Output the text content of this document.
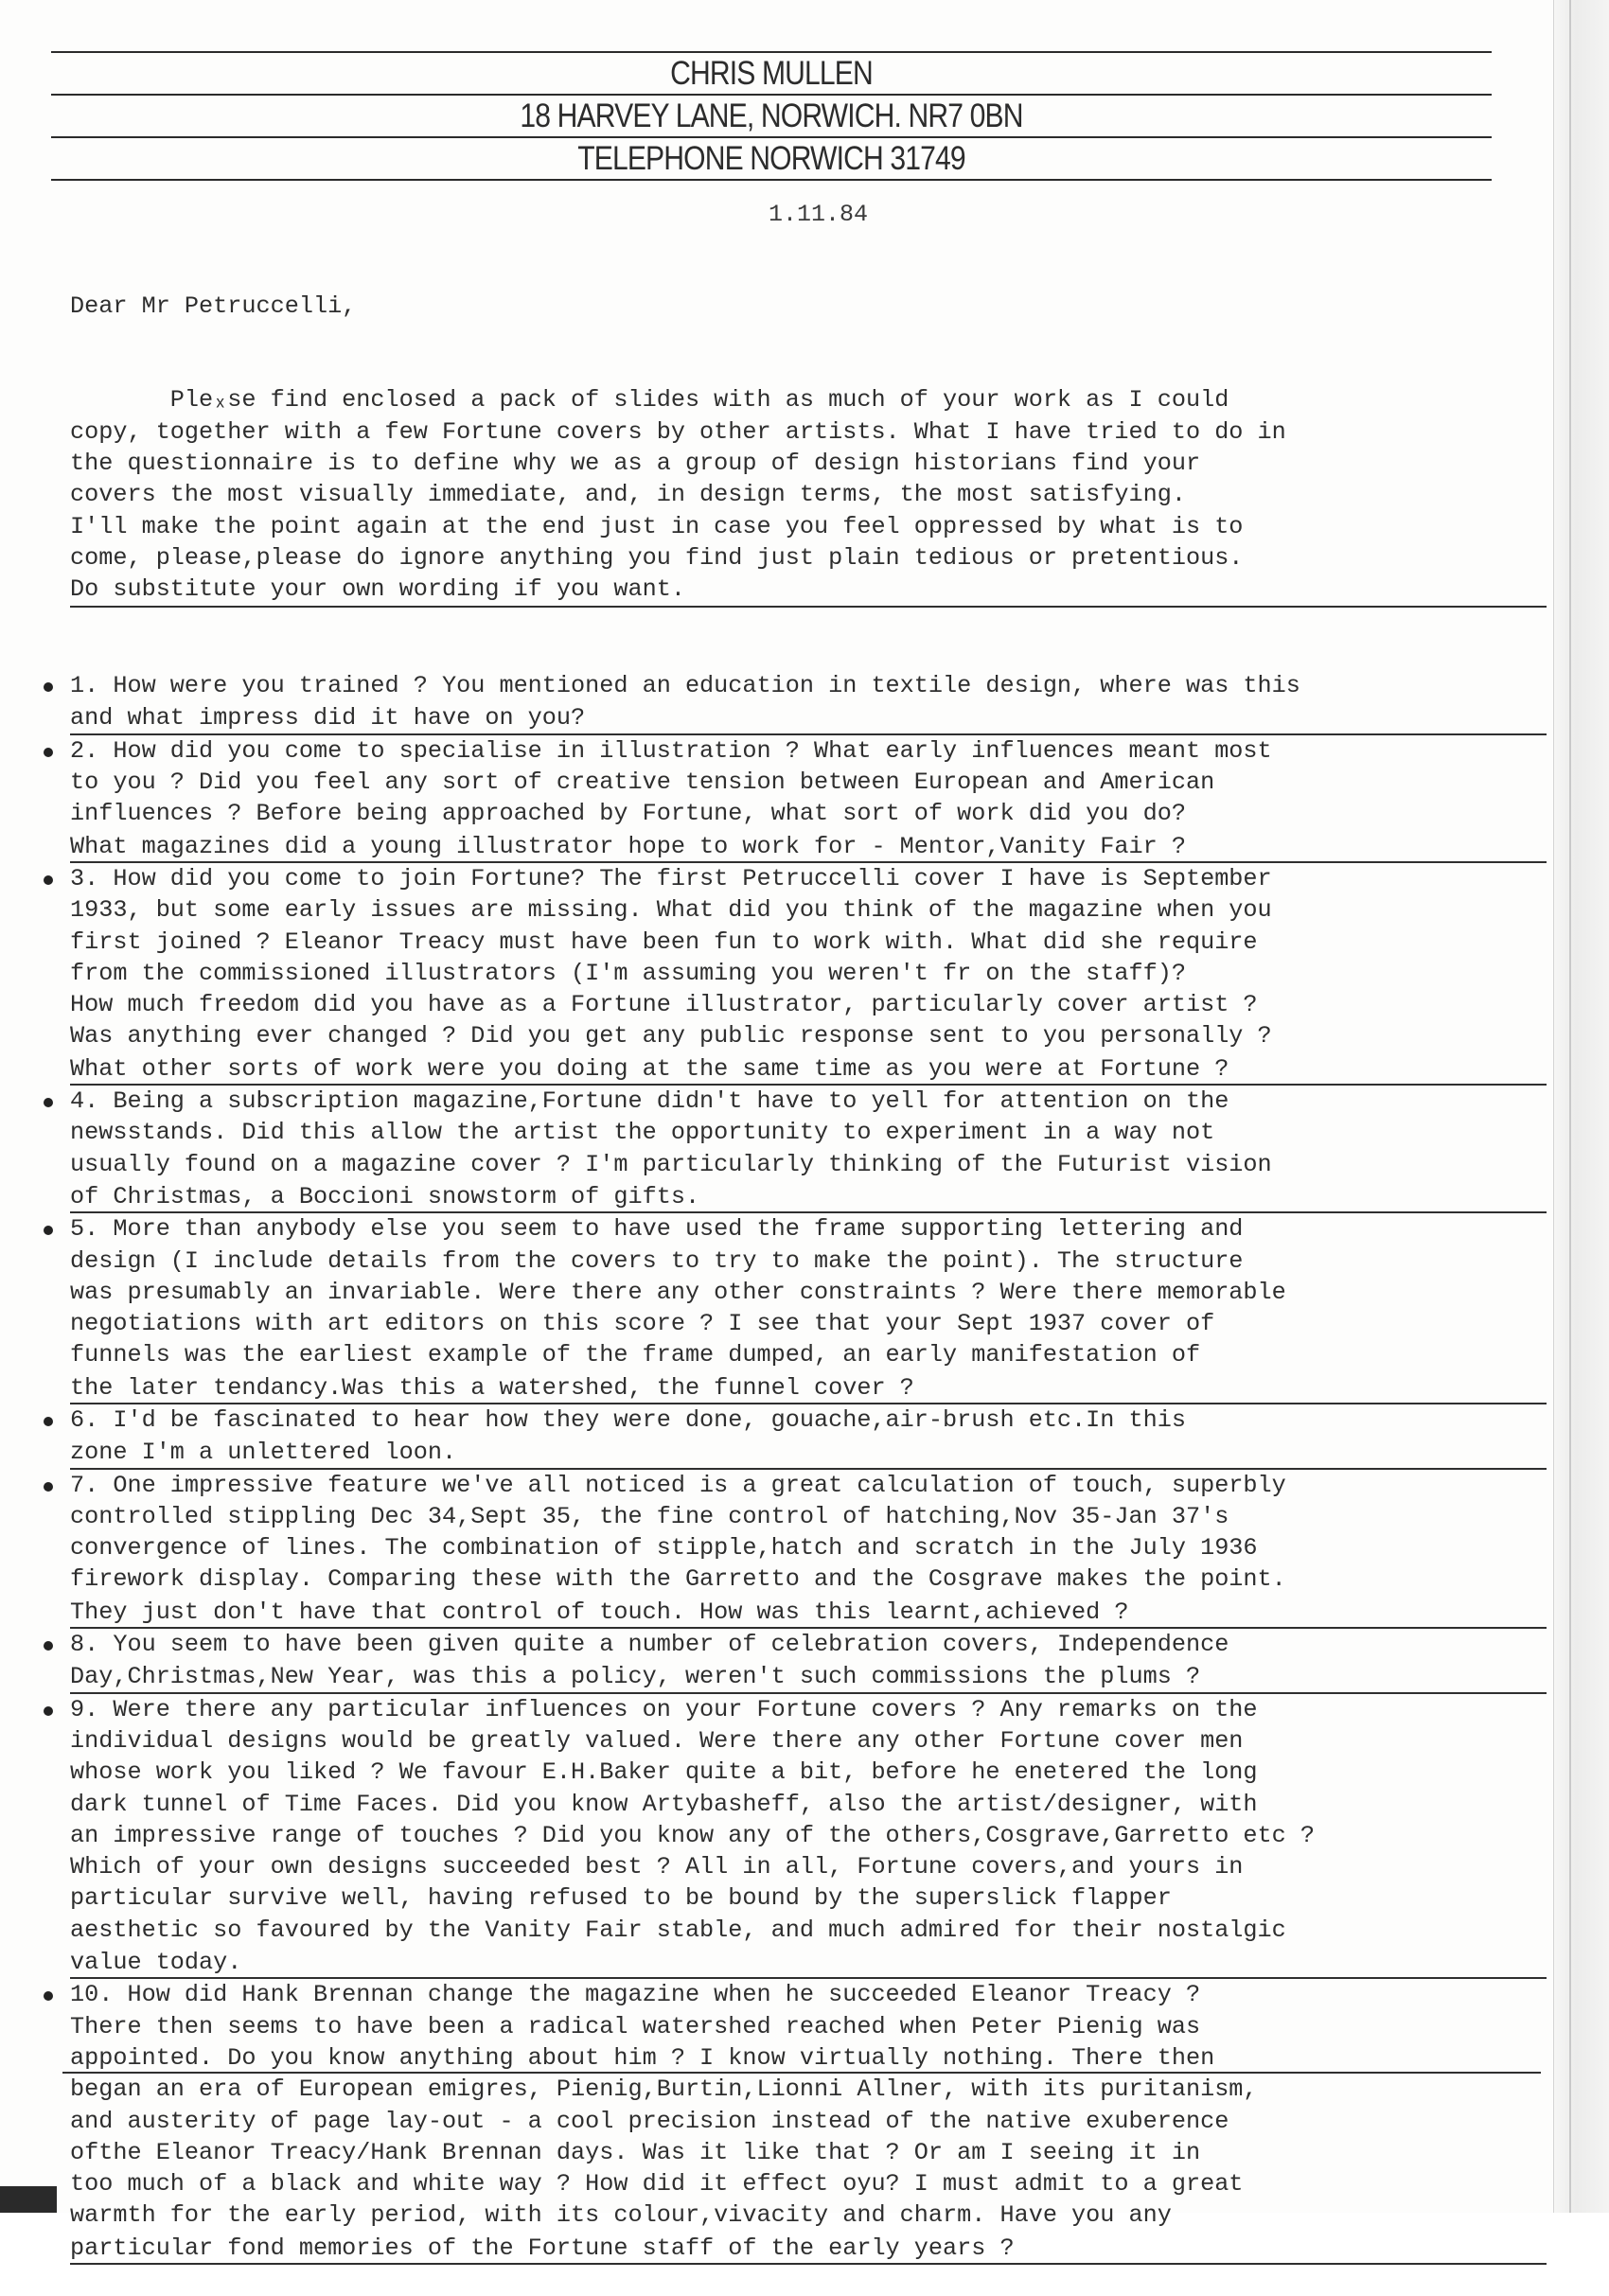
CHRIS MULLEN
18 HARVEY LANE, NORWICH. NR7 0BN
TELEPHONE NORWICH 31749
1.11.84

Dear Mr Petruccelli,

Pleₓse find enclosed a pack of slides with as much of your work as I could
copy, together with a few Fortune covers by other artists. What I have tried to do in
the questionnaire is to define why we as a group of design historians find your
covers the most visually immediate, and, in design terms, the most satisfying.
I'll make the point again at the end just in case you feel oppressed by what is to
come, please,please do ignore anything you find just plain tedious or pretentious.
Do substitute your own wording if you want.

1. How were you trained ? You mentioned an education in textile design, where was this
and what impress did it have on you?
2. How did you come to specialise in illustration ? What early influences meant most
to you ? Did you feel any sort of creative tension between European and American
influences ? Before being approached by Fortune, what sort of work did you do?
What magazines did a young illustrator hope to work for - Mentor,Vanity Fair ?
3. How did you come to join Fortune? The first Petruccelli cover I have is September
1933, but some early issues are missing. What did you think of the magazine when you
first joined ? Eleanor Treacy must have been fun to work with. What did she require
from the commissioned illustrators (I'm assuming you weren't fr on the staff)?
How much freedom did you have as a Fortune illustrator, particularly cover artist ?
Was anything ever changed ? Did you get any public response sent to you personally ?
What other sorts of work were you doing at the same time as you were at Fortune ?
4. Being a subscription magazine,Fortune didn't have to yell for attention on the
newsstands. Did this allow the artist the opportunity to experiment in a way not
usually found on a magazine cover ? I'm particularly thinking of the Futurist vision
of Christmas, a Boccioni snowstorm of gifts.
5. More than anybody else you seem to have used the frame supporting lettering and
design (I include details from the covers to try to make the point). The structure
was presumably an invariable. Were there any other constraints ? Were there memorable
negotiations with art editors on this score ? I see that your Sept 1937 cover of
funnels was the earliest example of the frame dumped, an early manifestation of
the later tendancy.Was this a watershed, the funnel cover ?
6. I'd be fascinated to hear how they were done, gouache,air-brush etc.In this
zone I'm a unlettered loon.
7. One impressive feature we've all noticed is a great calculation of touch, superbly
controlled stippling Dec 34,Sept 35, the fine control of hatching,Nov 35-Jan 37's
convergence of lines. The combination of stipple,hatch and scratch in the July 1936
firework display. Comparing these with the Garretto and the Cosgrave makes the point.
They just don't have that control of touch. How was this learnt,achieved ?
8. You seem to have been given quite a number of celebration covers, Independence
Day,Christmas,New Year, was this a policy, weren't such commissions the plums ?
9. Were there any particular influences on your Fortune covers ? Any remarks on the
individual designs would be greatly valued. Were there any other Fortune cover men
whose work you liked ? We favour E.H.Baker quite a bit, before he enetered the long
dark tunnel of Time Faces. Did you know Artybasheff, also the artist/designer, with
an impressive range of touches ? Did you know any of the others,Cosgrave,Garretto etc ?
Which of your own designs succeeded best ? All in all, Fortune covers,and yours in
particular survive well, having refused to be bound by the superslick flapper
aesthetic so favoured by the Vanity Fair stable, and much admired for their nostalgic
value today.
10. How did Hank Brennan change the magazine when he succeeded Eleanor Treacy ?
There then seems to have been a radical watershed reached when Peter Pienig was
appointed. Do you know anything about him ? I know virtually nothing. There then
began an era of European emigres, Pienig,Burtin,Lionni Allner, with its puritanism,
and austerity of page lay-out - a cool precision instead of the native exuberence
ofthe Eleanor Treacy/Hank Brennan days. Was it like that ? Or am I seeing it in
too much of a black and white way ? How did it effect oyu? I must admit to a great
warmth for the early period, with its colour,vivacity and charm. Have you any
particular fond memories of the Fortune staff of the early years ?
